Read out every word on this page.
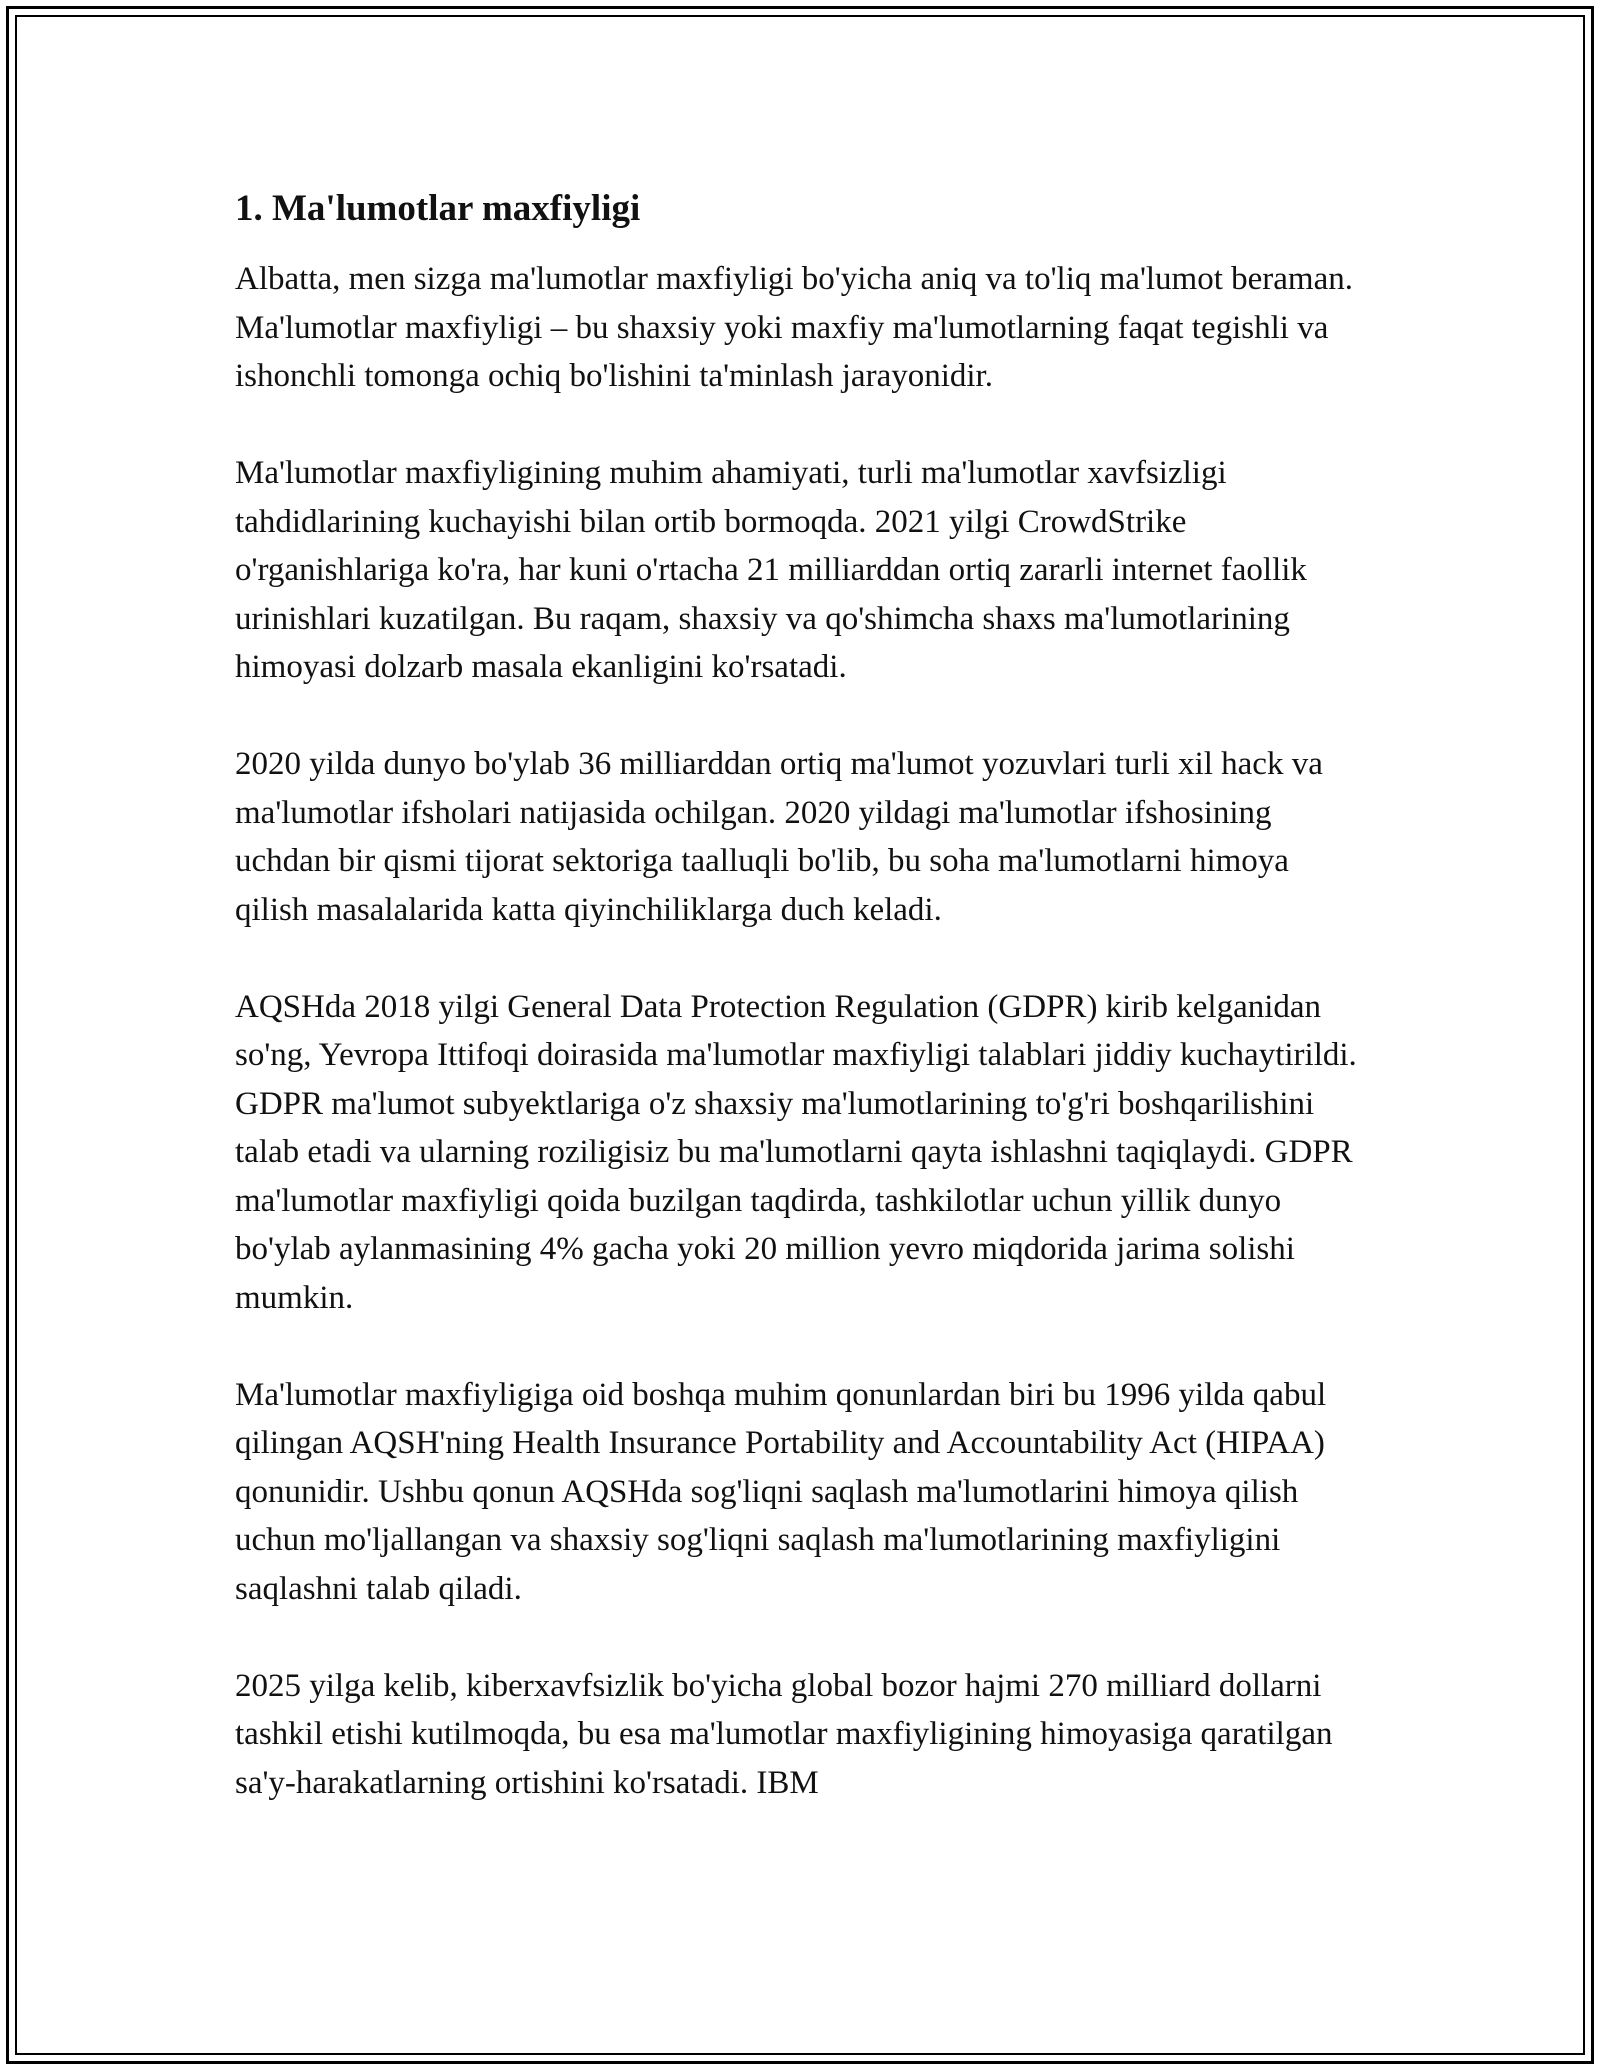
1. Ma'lumotlar maxfiyligi

Albatta, men sizga ma'lumotlar maxfiyligi bo'yicha aniq va to'liq ma'lumot beraman. Ma'lumotlar maxfiyligi – bu shaxsiy yoki maxfiy ma'lumotlarning faqat tegishli va ishonchli tomonga ochiq bo'lishini ta'minlash jarayonidir.

Ma'lumotlar maxfiyligining muhim ahamiyati, turli ma'lumotlar xavfsizligi tahdidlarining kuchayishi bilan ortib bormoqda. 2021 yilgi CrowdStrike o'rganishlariga ko'ra, har kuni o'rtacha 21 milliarddan ortiq zararli internet faollik urinishlari kuzatilgan. Bu raqam, shaxsiy va qo'shimcha shaxs ma'lumotlarining himoyasi dolzarb masala ekanligini ko'rsatadi.

2020 yilda dunyo bo'ylab 36 milliarddan ortiq ma'lumot yozuvlari turli xil hack va ma'lumotlar ifsholari natijasida ochilgan. 2020 yildagi ma'lumotlar ifshosining uchdan bir qismi tijorat sektoriga taalluqli bo'lib, bu soha ma'lumotlarni himoya qilish masalalarida katta qiyinchiliklarga duch keladi.

AQSHda 2018 yilgi General Data Protection Regulation (GDPR) kirib kelganidan so'ng, Yevropa Ittifoqi doirasida ma'lumotlar maxfiyligi talablari jiddiy kuchaytirildi. GDPR ma'lumot subyektlariga o'z shaxsiy ma'lumotlarining to'g'ri boshqarilishini talab etadi va ularning roziligisiz bu ma'lumotlarni qayta ishlashni taqiqlaydi. GDPR ma'lumotlar maxfiyligi qoida buzilgan taqdirda, tashkilotlar uchun yillik dunyo bo'ylab aylanmasining 4% gacha yoki 20 million yevro miqdorida jarima solishi mumkin.

Ma'lumotlar maxfiyligiga oid boshqa muhim qonunlardan biri bu 1996 yilda qabul qilingan AQSH'ning Health Insurance Portability and Accountability Act (HIPAA) qonunidir. Ushbu qonun AQSHda sog'liqni saqlash ma'lumotlarini himoya qilish uchun mo'ljallangan va shaxsiy sog'liqni saqlash ma'lumotlarining maxfiyligini saqlashni talab qiladi.

2025 yilga kelib, kiberxavfsizlik bo'yicha global bozor hajmi 270 milliard dollarni tashkil etishi kutilmoqda, bu esa ma'lumotlar maxfiyligining himoyasiga qaratilgan sa'y-harakatlarning ortishini ko'rsatadi. IBM
